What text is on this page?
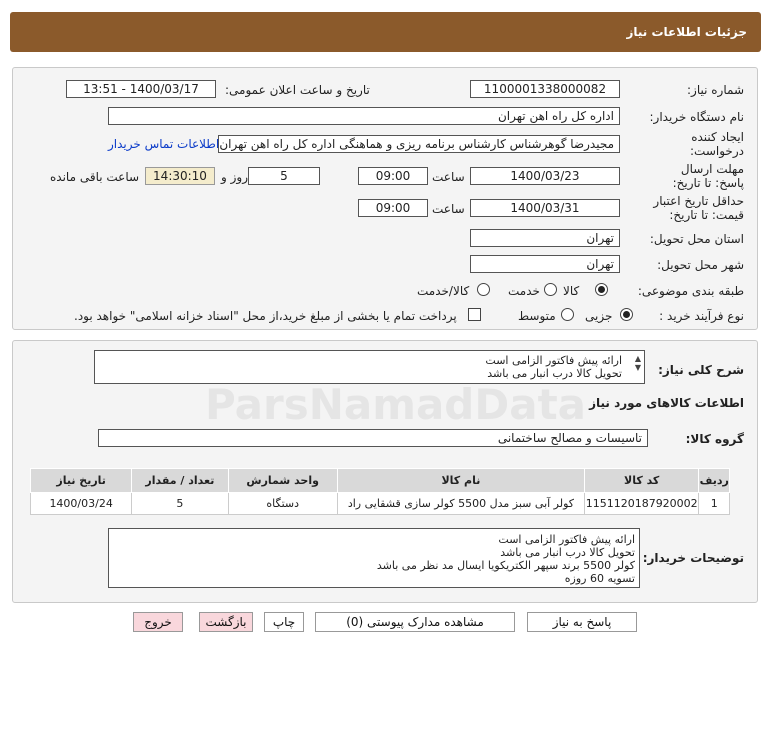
جزئیات اطلاعات نیاز
شماره نیاز:
1100001338000082
تاریخ و ساعت اعلان عمومی:
1400/03/17 - 13:51
نام دستگاه خریدار:
اداره کل راه اهن تهران
ایجاد کننده درخواست:
مجیدرضا گوهرشناس کارشناس برنامه ریزی و هماهنگی اداره کل راه اهن تهران
اطلاعات تماس خریدار
مهلت ارسال پاسخ: تا تاریخ:
1400/03/23
ساعت
09:00
5
روز و
14:30:10
ساعت باقی مانده
حداقل تاریخ اعتبار قیمت: تا تاریخ:
1400/03/31
ساعت
09:00
استان محل تحویل:
تهران
شهر محل تحویل:
تهران
طبقه بندی موضوعی:
کالا
خدمت
کالا/خدمت
نوع فرآیند خرید :
جزیی
متوسط
پرداخت تمام یا بخشی از مبلغ خرید،از محل "اسناد خزانه اسلامی" خواهد بود.
شرح کلی نیاز:
ارائه پیش فاکتور الزامی است
تحویل کالا درب انبار می باشد
▲
▼
اطلاعات کالاهای مورد نیاز
گروه کالا:
تاسیسات و مصالح ساختمانی
ردیف	کد کالا	نام کالا	واحد شمارش	تعداد / مقدار	تاریخ نیاز
1	1151120187920002	کولر آبی سبز مدل 5500 کولر سازی قشقایی راد	دستگاه	5	1400/03/24
توضیحات خریدار:
ارائه پیش فاکتور الزامی است
تحویل کالا درب انبار می باشد
کولر 5500 برند سپهر الکتریکویا ایسال مد نظر می باشد
تسویه 60 روزه
ParsNamadData
پاسخ به نیاز
مشاهده مدارک پیوستی (0)
چاپ
بازگشت
خروج
